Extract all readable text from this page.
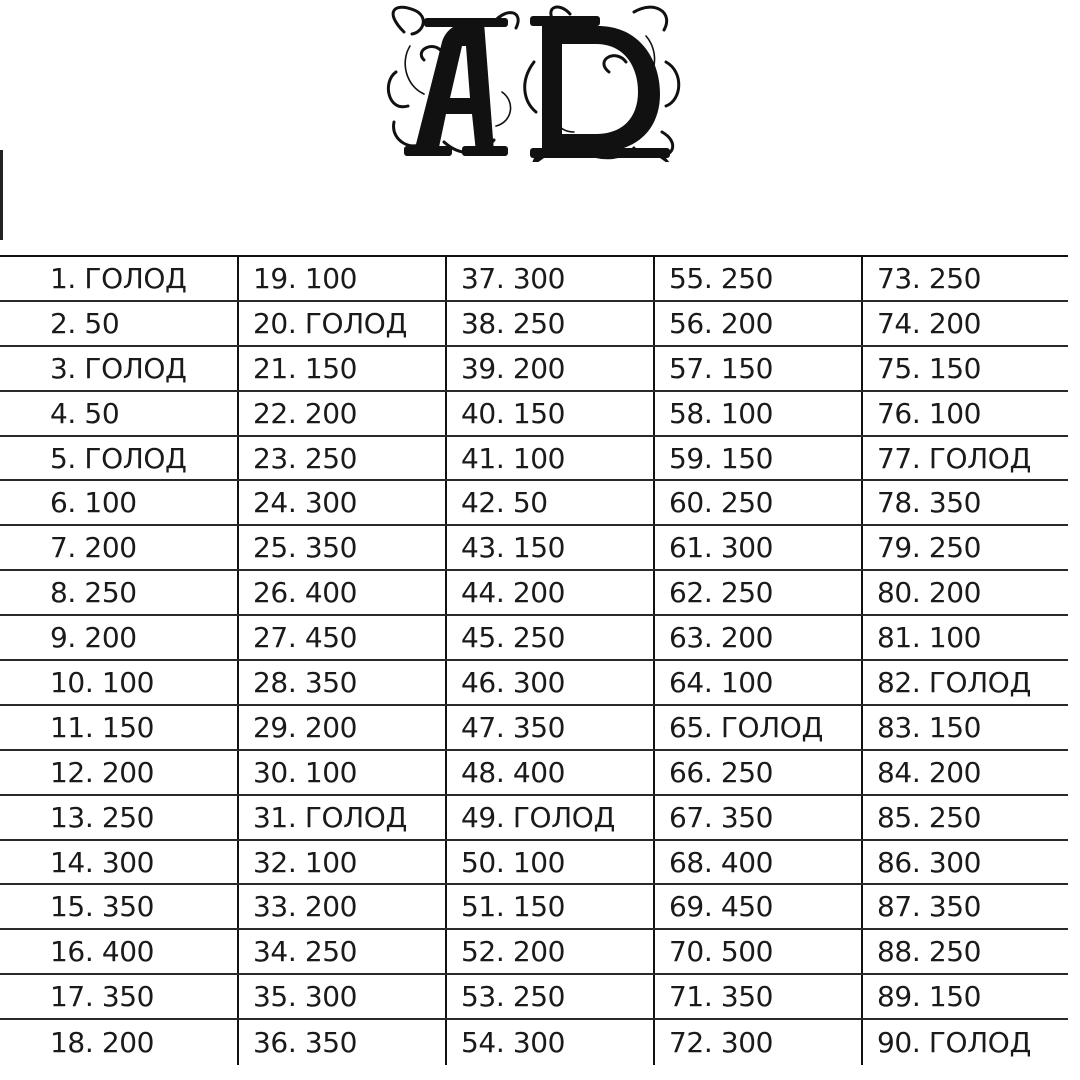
1. ГОЛОД	19. 100	37. 300	55. 250	73. 250
2. 50	20. ГОЛОД	38. 250	56. 200	74. 200
3. ГОЛОД	21. 150	39. 200	57. 150	75. 150
4. 50	22. 200	40. 150	58. 100	76. 100
5. ГОЛОД	23. 250	41. 100	59. 150	77. ГОЛОД
6. 100	24. 300	42. 50	60. 250	78. 350
7. 200	25. 350	43. 150	61. 300	79. 250
8. 250	26. 400	44. 200	62. 250	80. 200
9. 200	27. 450	45. 250	63. 200	81. 100
10. 100	28. 350	46. 300	64. 100	82. ГОЛОД
11. 150	29. 200	47. 350	65. ГОЛОД	83. 150
12. 200	30. 100	48. 400	66. 250	84. 200
13. 250	31. ГОЛОД	49. ГОЛОД	67. 350	85. 250
14. 300	32. 100	50. 100	68. 400	86. 300
15. 350	33. 200	51. 150	69. 450	87. 350
16. 400	34. 250	52. 200	70. 500	88. 250
17. 350	35. 300	53. 250	71. 350	89. 150
18. 200	36. 350	54. 300	72. 300	90. ГОЛОД
